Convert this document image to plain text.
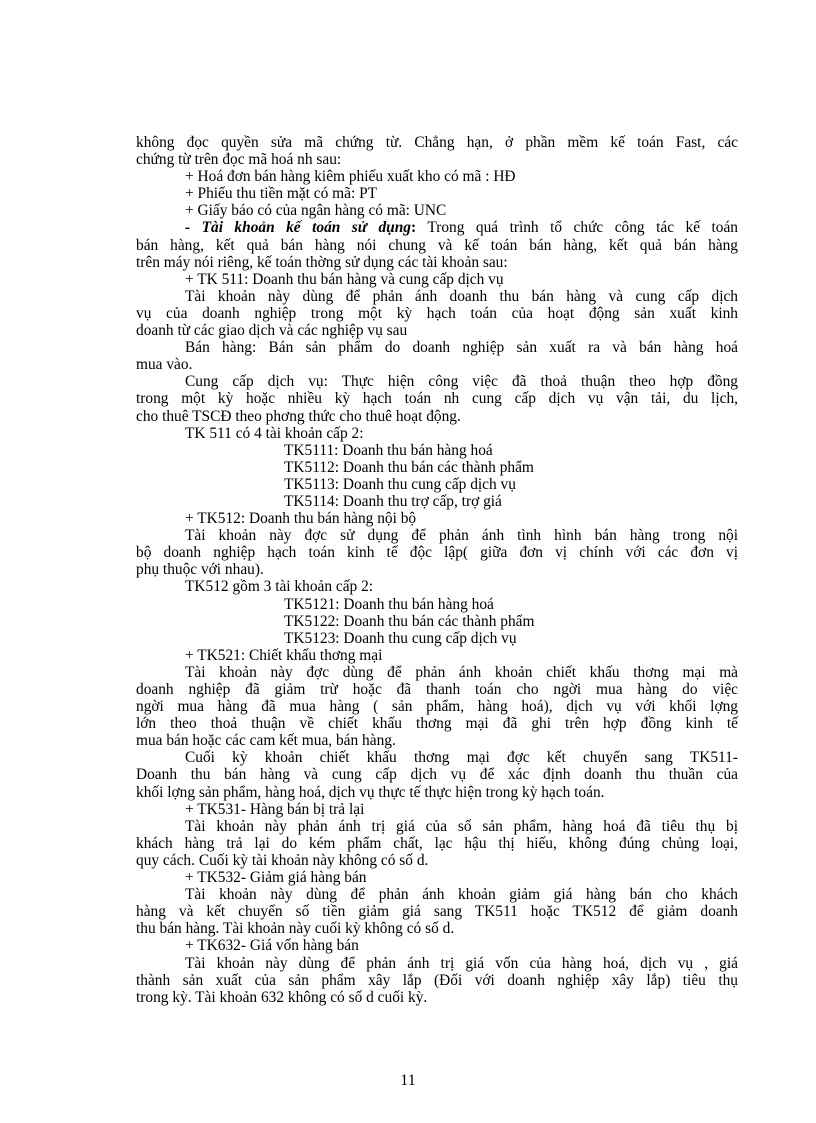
không đọc quyền sửa mã chứng từ. Chẳng hạn, ở phần mềm kế toán Fast, các
chứng từ trên đọc mã hoá nh sau:
+ Hoá đơn bán hàng kiêm phiếu xuất kho có mã : HĐ
+ Phiếu thu tiền mặt có mã: PT
+ Giấy báo có của ngân hàng có mã: UNC
- Tài khoản kế toán sử dụng: Trong quá trình tổ chức công tác kế toán
bán hàng, kết quả bán hàng nói chung và kế toán bán hàng, kết quả bán hàng
trên máy nói riêng, kế toán thờng sử dụng các tài khoản sau:
+ TK 511: Doanh thu bán hàng và cung cấp dịch vụ
Tài khoản này dùng để phản ánh doanh thu bán hàng và cung cấp dịch
vụ của doanh nghiệp trong một kỳ hạch toán của hoạt động sản xuất kinh
doanh từ các giao dịch và các nghiệp vụ sau
Bán hàng: Bán sản phẩm do doanh nghiệp sản xuất ra và bán hàng hoá
mua vào.
Cung cấp dịch vụ: Thực hiện công việc đã thoả thuận theo hợp đồng
trong một kỳ hoặc nhiều kỳ hạch toán nh cung cấp dịch vụ vận tải, du lịch,
cho thuê TSCĐ theo phơng thức cho thuê hoạt động.
TK 511 có 4 tài khoản cấp 2:
TK5111: Doanh thu bán hàng hoá
TK5112: Doanh thu bán các thành phẩm
TK5113: Doanh thu cung cấp dịch vụ
TK5114: Doanh thu trợ cấp, trợ giá
+ TK512: Doanh thu bán hàng nội bộ
Tài khoản này đợc sử dụng để phản ánh tình hình bán hàng trong nội
bộ doanh nghiệp hạch toán kinh tế độc lập( giữa đơn vị chính với các đơn vị
phụ thuộc với nhau).
TK512 gồm 3 tài khoản cấp 2:
TK5121: Doanh thu bán hàng hoá
TK5122: Doanh thu bán các thành phẩm
TK5123: Doanh thu cung cấp dịch vụ
+ TK521: Chiết khấu thơng mại
Tài khoản này đợc dùng để phản ánh khoản chiết khấu thơng mại mà
doanh nghiệp đã giảm trừ hoặc đã thanh toán cho ngời mua hàng do việc
ngời mua hàng đã mua hàng ( sản phẩm, hàng hoá), dịch vụ với khối lợng
lớn theo thoả thuận về chiết khấu thơng mại đã ghi trên hợp đồng kinh tế
mua bán hoặc các cam kết mua, bán hàng.
Cuối kỳ khoản chiết khấu thơng mại đợc kết chuyển sang TK511-
Doanh thu bán hàng và cung cấp dịch vụ để xác định doanh thu thuần của
khối lợng sản phẩm, hàng hoá, dịch vụ thực tế thực hiện trong kỳ hạch toán.
+ TK531- Hàng bán bị trả lại
Tài khoản này phản ánh trị giá của số sản phẩm, hàng hoá đã tiêu thụ bị
khách hàng trả lại do kém phẩm chất, lạc hậu thị hiếu, không đúng chủng loại,
quy cách. Cuối kỳ tài khoản này không có số d.
+ TK532- Giảm giá hàng bán
Tài khoản này dùng để phản ánh khoản giảm giá hàng bán cho khách
hàng và kết chuyển số tiền giảm giá sang TK511 hoặc TK512 để giảm doanh
thu bán hàng. Tài khoản này cuối kỳ không có số d.
+ TK632- Giá vốn hàng bán
Tài khoản này dùng để phản ánh trị giá vốn của hàng hoá, dịch vụ , giá
thành sản xuất của sản phẩm xây lắp (Đối với doanh nghiệp xây lắp) tiêu thụ
trong kỳ. Tài khoản 632 không có số d cuối kỳ.
11
